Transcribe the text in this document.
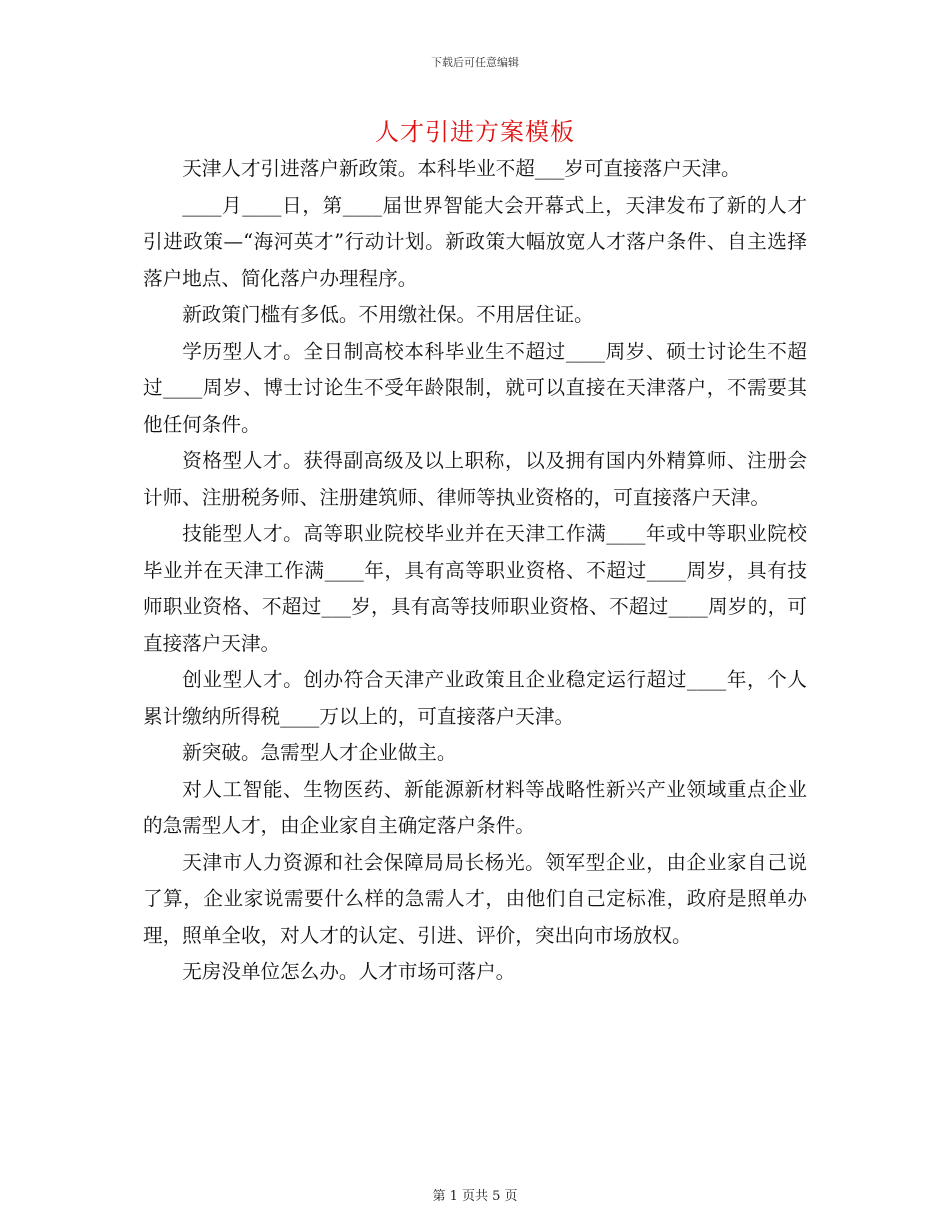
下载后可任意编辑
人才引进方案模板

天津人才引进落户新政策。本科毕业不超___岁可直接落户天津。

____月____日，第____届世界智能大会开幕式上，天津发布了新的人才引进政策—“海河英才”行动计划。新政策大幅放宽人才落户条件、自主选择落户地点、简化落户办理程序。

新政策门槛有多低。不用缴社保。不用居住证。

学历型人才。全日制高校本科毕业生不超过____周岁、硕士讨论生不超过____周岁、博士讨论生不受年龄限制，就可以直接在天津落户，不需要其他任何条件。

资格型人才。获得副高级及以上职称，以及拥有国内外精算师、注册会计师、注册税务师、注册建筑师、律师等执业资格的，可直接落户天津。

技能型人才。高等职业院校毕业并在天津工作满____年或中等职业院校毕业并在天津工作满____年，具有高等职业资格、不超过____周岁，具有技师职业资格、不超过___岁，具有高等技师职业资格、不超过____周岁的，可直接落户天津。

创业型人才。创办符合天津产业政策且企业稳定运行超过____年，个人累计缴纳所得税____万以上的，可直接落户天津。

新突破。急需型人才企业做主。

对人工智能、生物医药、新能源新材料等战略性新兴产业领域重点企业的急需型人才，由企业家自主确定落户条件。

天津市人力资源和社会保障局局长杨光。领军型企业，由企业家自己说了算，企业家说需要什么样的急需人才，由他们自己定标准，政府是照单办理，照单全收，对人才的认定、引进、评价，突出向市场放权。

无房没单位怎么办。人才市场可落户。

第 1 页共 5 页
